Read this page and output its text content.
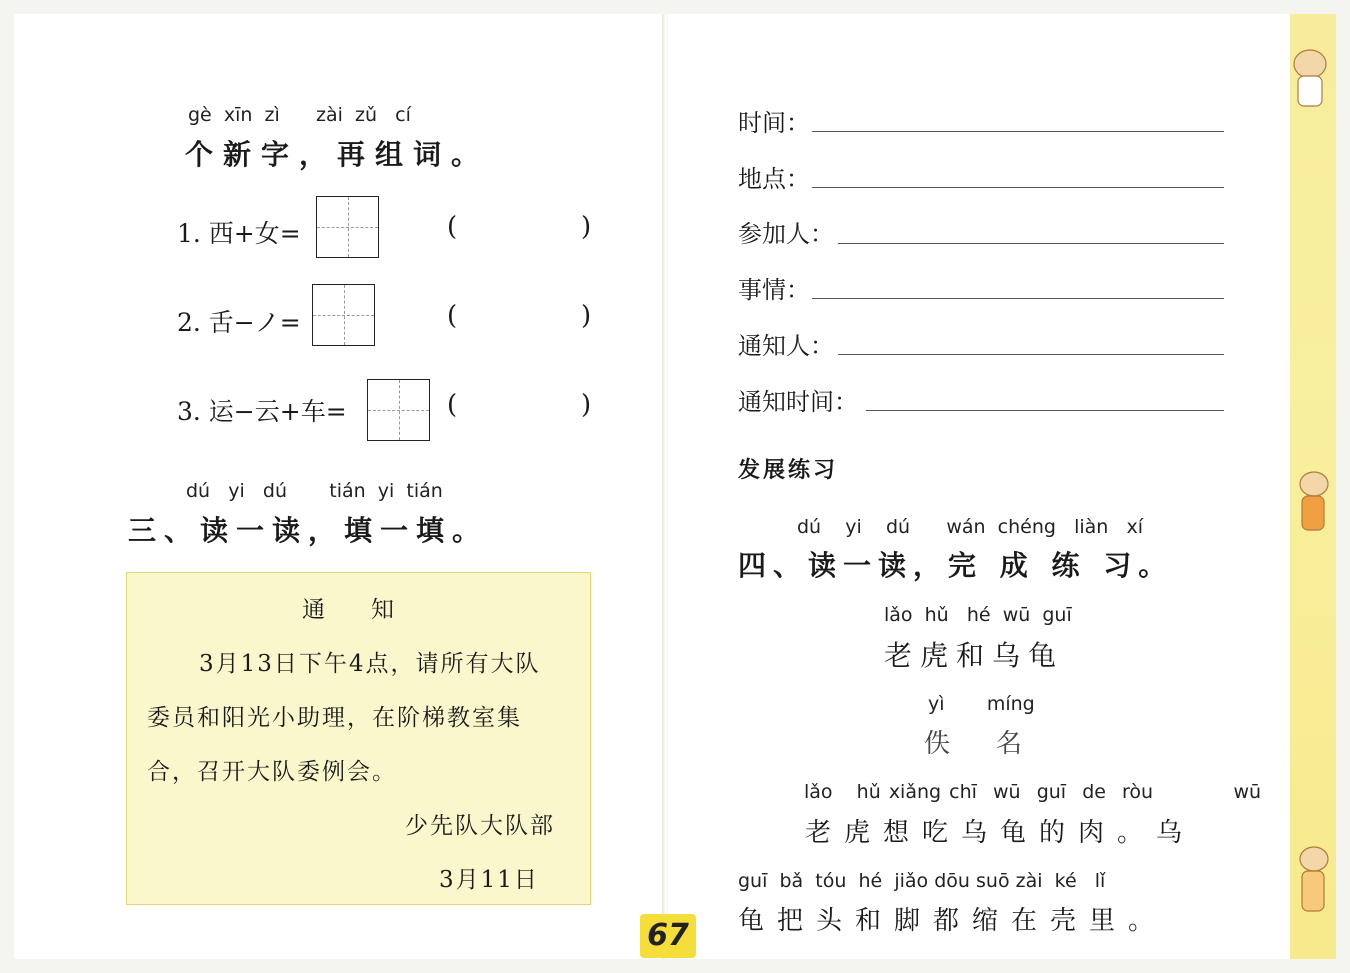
gè xīn zì zài zǔ cí
个新字，再组词。
1. 西+女=	(	)
2. 舌−ノ=	(	)
3. 运−云+车=	(	)
dú yi dú tián yi tián
三、读一读，填一填。
通　　知
3月13日下午4点，请所有大队
委员和阳光小助理，在阶梯教室集
合，召开大队委例会。
少先队大队部
3月11日
时间：
地点：
参加人：
事情：
通知人：
通知时间：
发展练习
dú yi dú wán chéng liàn xí
四、读一读，完 成 练 习。
lǎo hǔ hé wū guī
老虎和乌龟
yì míng
佚　名
lǎo hǔ xiǎng chī wū guī de ròu	wū
老虎想吃乌龟的肉。乌
guī bǎ tóu hé jiǎo dōu suō zài ké lǐ
龟把头和脚都缩在壳里。
67
